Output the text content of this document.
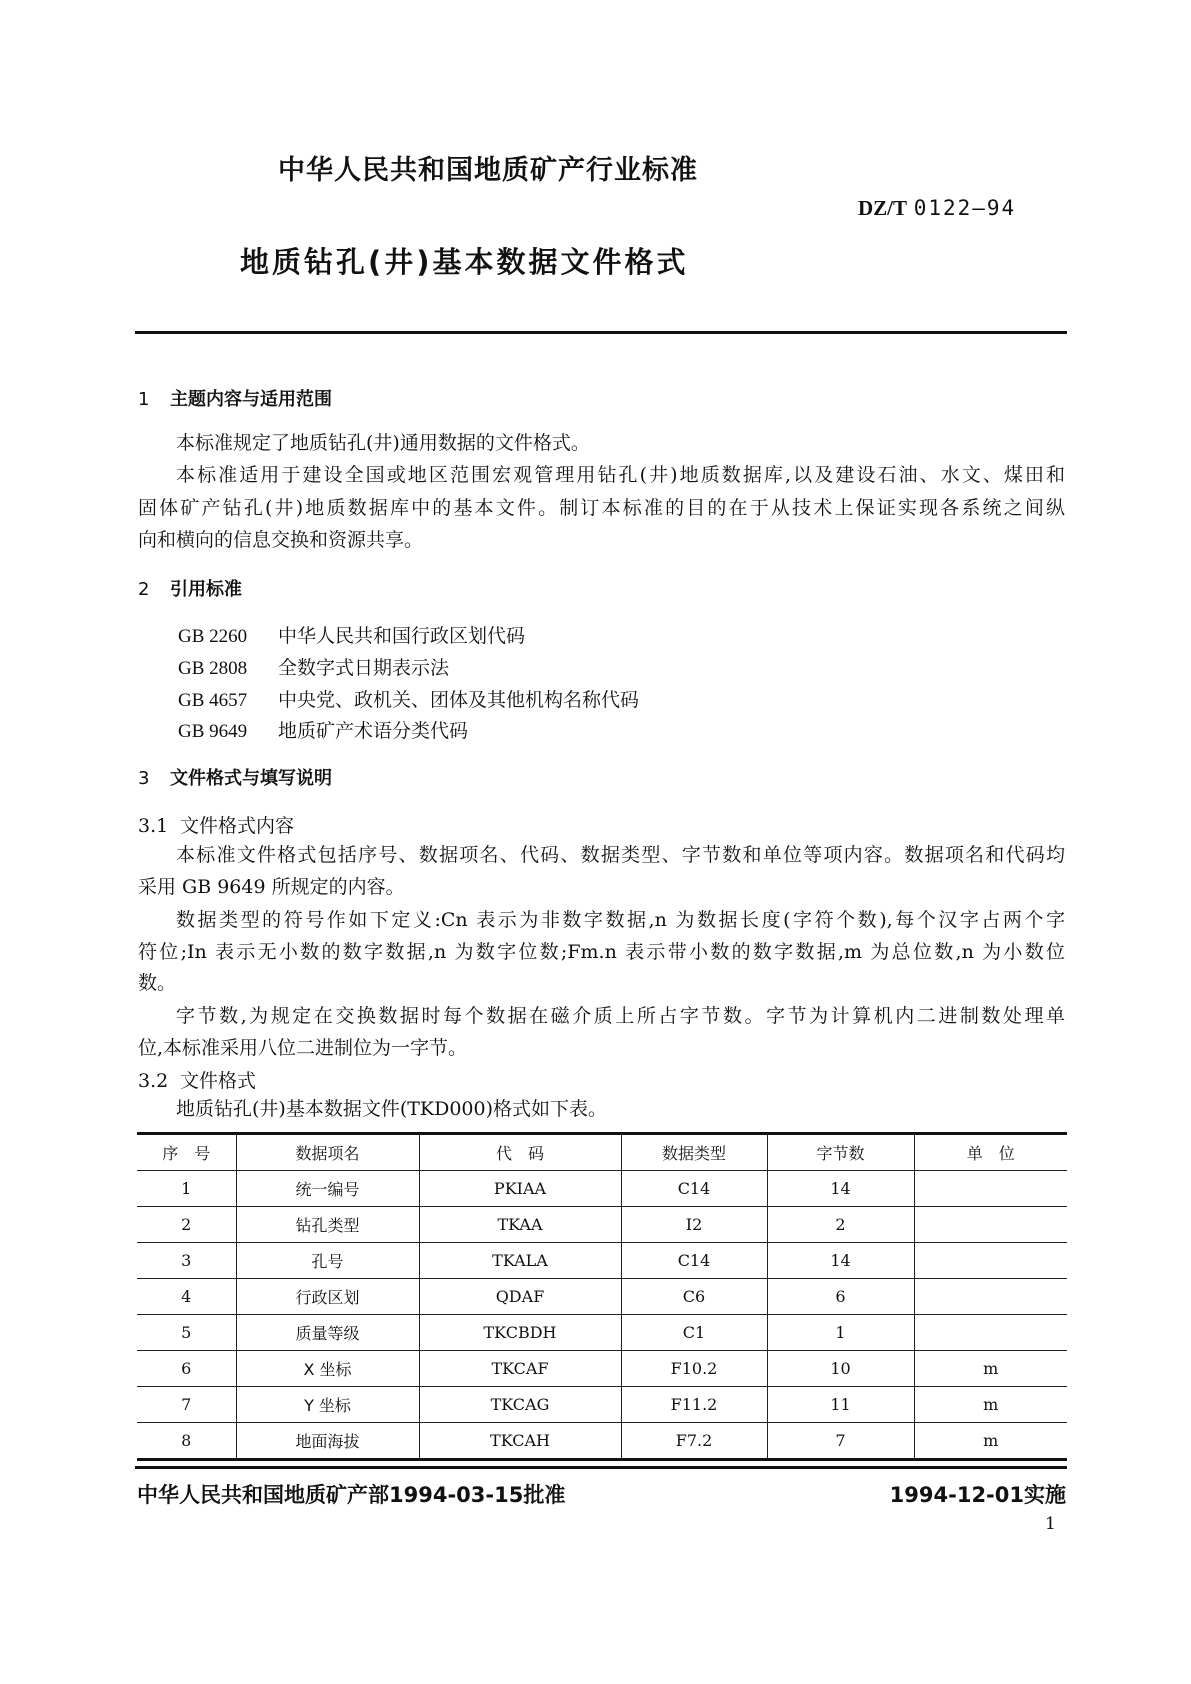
中华人民共和国地质矿产行业标准
DZ/T 0122—94
地质钻孔(井)基本数据文件格式
1 主题内容与适用范围
本标准规定了地质钻孔(井)通用数据的文件格式。
本标准适用于建设全国或地区范围宏观管理用钻孔(井)地质数据库,以及建设石油、水文、煤田和
固体矿产钻孔(井)地质数据库中的基本文件。制订本标准的目的在于从技术上保证实现各系统之间纵
向和横向的信息交换和资源共享。
2 引用标准
GB 2260 中华人民共和国行政区划代码
GB 2808 全数字式日期表示法
GB 4657 中央党、政机关、团体及其他机构名称代码
GB 9649 地质矿产术语分类代码
3 文件格式与填写说明
3.1 文件格式内容
本标准文件格式包括序号、数据项名、代码、数据类型、字节数和单位等项内容。数据项名和代码均
采用 GB 9649 所规定的内容。
数据类型的符号作如下定义:Cn 表示为非数字数据,n 为数据长度(字符个数),每个汉字占两个字
符位;In 表示无小数的数字数据,n 为数字位数;Fm.n 表示带小数的数字数据,m 为总位数,n 为小数位
数。
字节数,为规定在交换数据时每个数据在磁介质上所占字节数。字节为计算机内二进制数处理单
位,本标准采用八位二进制位为一字节。
3.2 文件格式
地质钻孔(井)基本数据文件(TKD000)格式如下表。
序　号	数据项名	代　码	数据类型	字节数	单　位
1	统一编号	PKIAA	C14	14	
2	钻孔类型	TKAA	I2	2	
3	孔号	TKALA	C14	14	
4	行政区划	QDAF	C6	6	
5	质量等级	TKCBDH	C1	1	
6	X 坐标	TKCAF	F10.2	10	m
7	Y 坐标	TKCAG	F11.2	11	m
8	地面海拔	TKCAH	F7.2	7	m
中华人民共和国地质矿产部1994-03-15批准	1994-12-01实施
1
